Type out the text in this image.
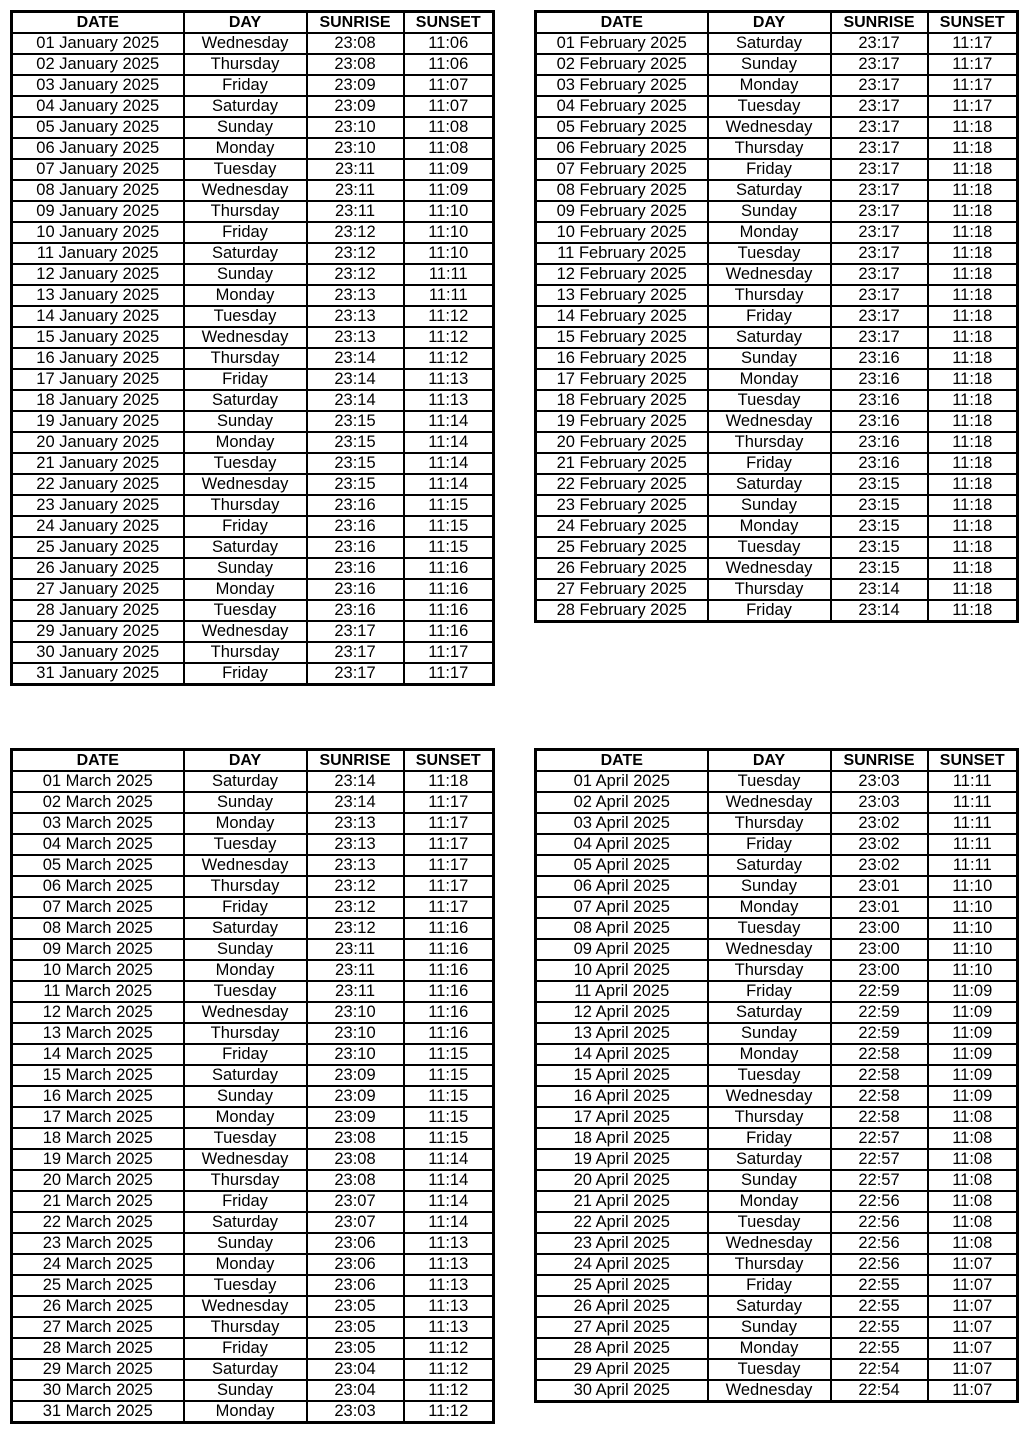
DATE	DAY	SUNRISE	SUNSET
01 January 2025	Wednesday	23:08	11:06
02 January 2025	Thursday	23:08	11:06
03 January 2025	Friday	23:09	11:07
04 January 2025	Saturday	23:09	11:07
05 January 2025	Sunday	23:10	11:08
06 January 2025	Monday	23:10	11:08
07 January 2025	Tuesday	23:11	11:09
08 January 2025	Wednesday	23:11	11:09
09 January 2025	Thursday	23:11	11:10
10 January 2025	Friday	23:12	11:10
11 January 2025	Saturday	23:12	11:10
12 January 2025	Sunday	23:12	11:11
13 January 2025	Monday	23:13	11:11
14 January 2025	Tuesday	23:13	11:12
15 January 2025	Wednesday	23:13	11:12
16 January 2025	Thursday	23:14	11:12
17 January 2025	Friday	23:14	11:13
18 January 2025	Saturday	23:14	11:13
19 January 2025	Sunday	23:15	11:14
20 January 2025	Monday	23:15	11:14
21 January 2025	Tuesday	23:15	11:14
22 January 2025	Wednesday	23:15	11:14
23 January 2025	Thursday	23:16	11:15
24 January 2025	Friday	23:16	11:15
25 January 2025	Saturday	23:16	11:15
26 January 2025	Sunday	23:16	11:16
27 January 2025	Monday	23:16	11:16
28 January 2025	Tuesday	23:16	11:16
29 January 2025	Wednesday	23:17	11:16
30 January 2025	Thursday	23:17	11:17
31 January 2025	Friday	23:17	11:17
DATE	DAY	SUNRISE	SUNSET
01 February 2025	Saturday	23:17	11:17
02 February 2025	Sunday	23:17	11:17
03 February 2025	Monday	23:17	11:17
04 February 2025	Tuesday	23:17	11:17
05 February 2025	Wednesday	23:17	11:18
06 February 2025	Thursday	23:17	11:18
07 February 2025	Friday	23:17	11:18
08 February 2025	Saturday	23:17	11:18
09 February 2025	Sunday	23:17	11:18
10 February 2025	Monday	23:17	11:18
11 February 2025	Tuesday	23:17	11:18
12 February 2025	Wednesday	23:17	11:18
13 February 2025	Thursday	23:17	11:18
14 February 2025	Friday	23:17	11:18
15 February 2025	Saturday	23:17	11:18
16 February 2025	Sunday	23:16	11:18
17 February 2025	Monday	23:16	11:18
18 February 2025	Tuesday	23:16	11:18
19 February 2025	Wednesday	23:16	11:18
20 February 2025	Thursday	23:16	11:18
21 February 2025	Friday	23:16	11:18
22 February 2025	Saturday	23:15	11:18
23 February 2025	Sunday	23:15	11:18
24 February 2025	Monday	23:15	11:18
25 February 2025	Tuesday	23:15	11:18
26 February 2025	Wednesday	23:15	11:18
27 February 2025	Thursday	23:14	11:18
28 February 2025	Friday	23:14	11:18
DATE	DAY	SUNRISE	SUNSET
01 March 2025	Saturday	23:14	11:18
02 March 2025	Sunday	23:14	11:17
03 March 2025	Monday	23:13	11:17
04 March 2025	Tuesday	23:13	11:17
05 March 2025	Wednesday	23:13	11:17
06 March 2025	Thursday	23:12	11:17
07 March 2025	Friday	23:12	11:17
08 March 2025	Saturday	23:12	11:16
09 March 2025	Sunday	23:11	11:16
10 March 2025	Monday	23:11	11:16
11 March 2025	Tuesday	23:11	11:16
12 March 2025	Wednesday	23:10	11:16
13 March 2025	Thursday	23:10	11:16
14 March 2025	Friday	23:10	11:15
15 March 2025	Saturday	23:09	11:15
16 March 2025	Sunday	23:09	11:15
17 March 2025	Monday	23:09	11:15
18 March 2025	Tuesday	23:08	11:15
19 March 2025	Wednesday	23:08	11:14
20 March 2025	Thursday	23:08	11:14
21 March 2025	Friday	23:07	11:14
22 March 2025	Saturday	23:07	11:14
23 March 2025	Sunday	23:06	11:13
24 March 2025	Monday	23:06	11:13
25 March 2025	Tuesday	23:06	11:13
26 March 2025	Wednesday	23:05	11:13
27 March 2025	Thursday	23:05	11:13
28 March 2025	Friday	23:05	11:12
29 March 2025	Saturday	23:04	11:12
30 March 2025	Sunday	23:04	11:12
31 March 2025	Monday	23:03	11:12
DATE	DAY	SUNRISE	SUNSET
01 April 2025	Tuesday	23:03	11:11
02 April 2025	Wednesday	23:03	11:11
03 April 2025	Thursday	23:02	11:11
04 April 2025	Friday	23:02	11:11
05 April 2025	Saturday	23:02	11:11
06 April 2025	Sunday	23:01	11:10
07 April 2025	Monday	23:01	11:10
08 April 2025	Tuesday	23:00	11:10
09 April 2025	Wednesday	23:00	11:10
10 April 2025	Thursday	23:00	11:10
11 April 2025	Friday	22:59	11:09
12 April 2025	Saturday	22:59	11:09
13 April 2025	Sunday	22:59	11:09
14 April 2025	Monday	22:58	11:09
15 April 2025	Tuesday	22:58	11:09
16 April 2025	Wednesday	22:58	11:09
17 April 2025	Thursday	22:58	11:08
18 April 2025	Friday	22:57	11:08
19 April 2025	Saturday	22:57	11:08
20 April 2025	Sunday	22:57	11:08
21 April 2025	Monday	22:56	11:08
22 April 2025	Tuesday	22:56	11:08
23 April 2025	Wednesday	22:56	11:08
24 April 2025	Thursday	22:56	11:07
25 April 2025	Friday	22:55	11:07
26 April 2025	Saturday	22:55	11:07
27 April 2025	Sunday	22:55	11:07
28 April 2025	Monday	22:55	11:07
29 April 2025	Tuesday	22:54	11:07
30 April 2025	Wednesday	22:54	11:07
